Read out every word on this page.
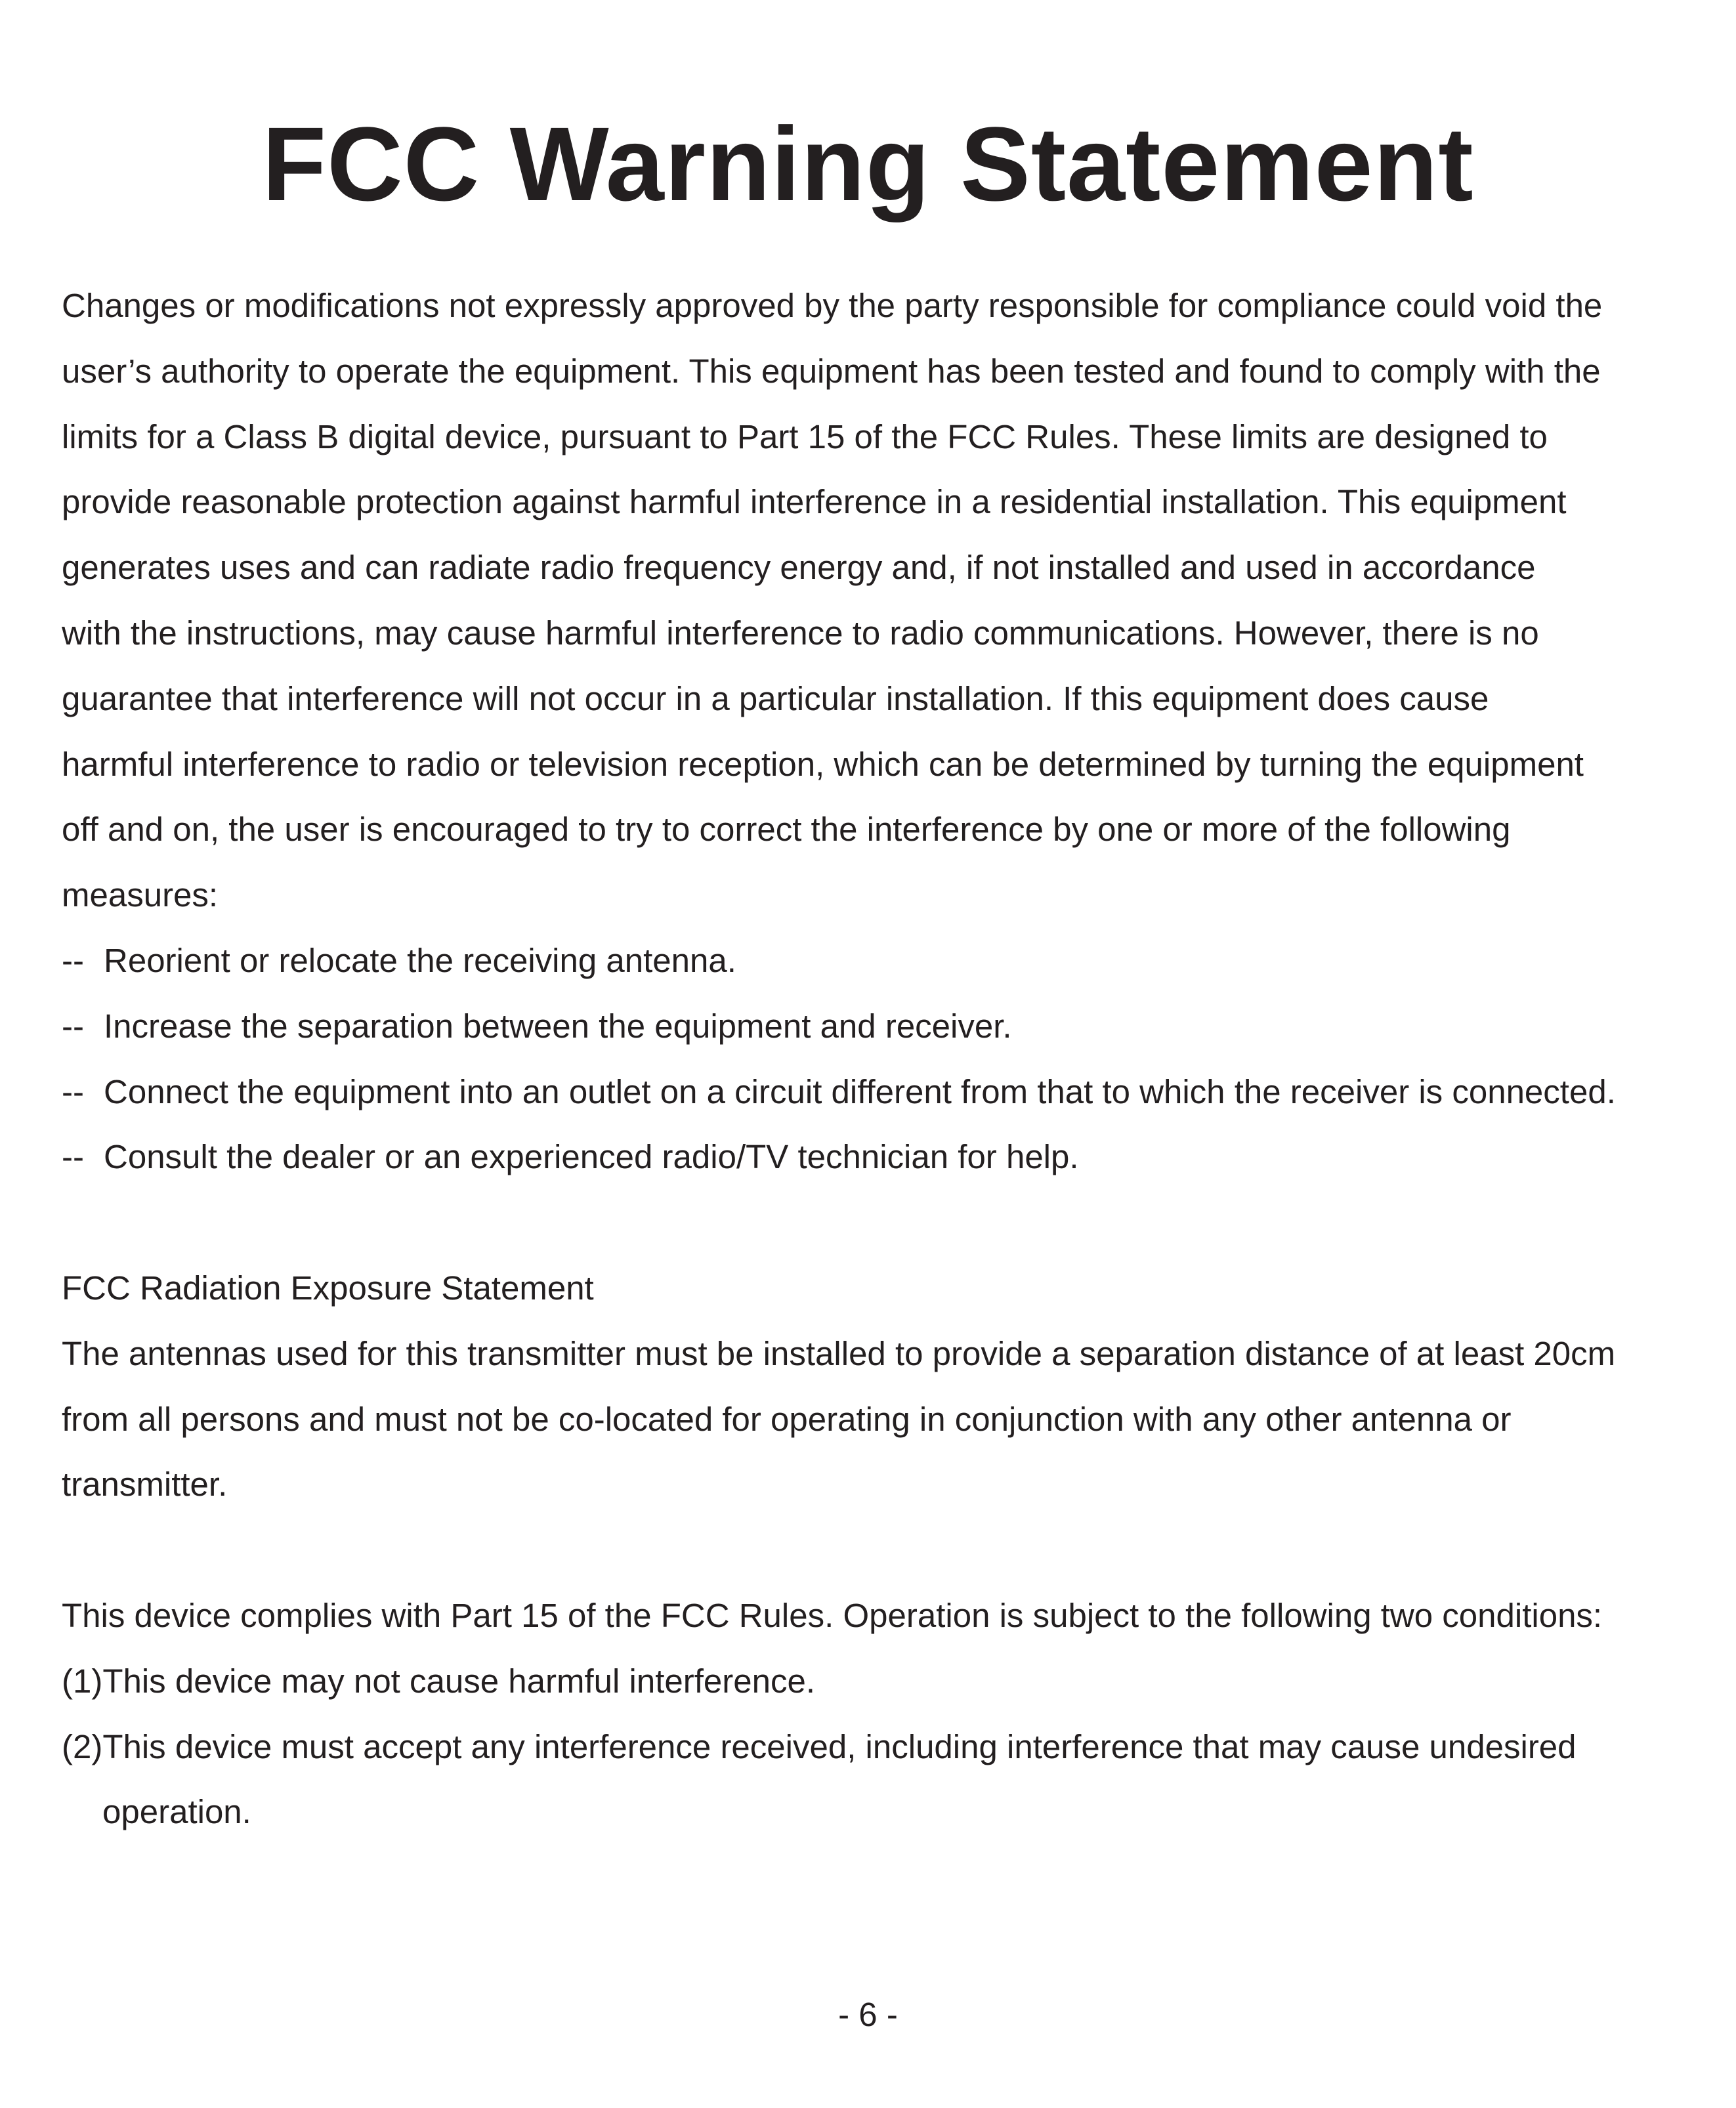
FCC Warning Statement
Changes or modifications not expressly approved by the party responsible for compliance could void the
user’s authority to operate the equipment. This equipment has been tested and found to comply with the
limits for a Class B digital device, pursuant to Part 15 of the FCC Rules. These limits are designed to
provide reasonable protection against harmful interference in a residential installation. This equipment
generates uses and can radiate radio frequency energy and, if not installed and used in accordance
with the instructions, may cause harmful interference to radio communications. However, there is no
guarantee that interference will not occur in a particular installation. If this equipment does cause
harmful interference to radio or television reception, which can be determined by turning the equipment
off and on, the user is encouraged to try to correct the interference by one or more of the following
measures:
-- Reorient or relocate the receiving antenna.
-- Increase the separation between the equipment and receiver.
-- Connect the equipment into an outlet on a circuit different from that to which the receiver is connected.
-- Consult the dealer or an experienced radio/TV technician for help.
FCC Radiation Exposure Statement
The antennas used for this transmitter must be installed to provide a separation distance of at least 20cm
from all persons and must not be co-located for operating in conjunction with any other antenna or
transmitter.
This device complies with Part 15 of the FCC Rules. Operation is subject to the following two conditions:
(1)This device may not cause harmful interference.
(2)This device must accept any interference received, including interference that may cause undesired
operation.
- 6 -
